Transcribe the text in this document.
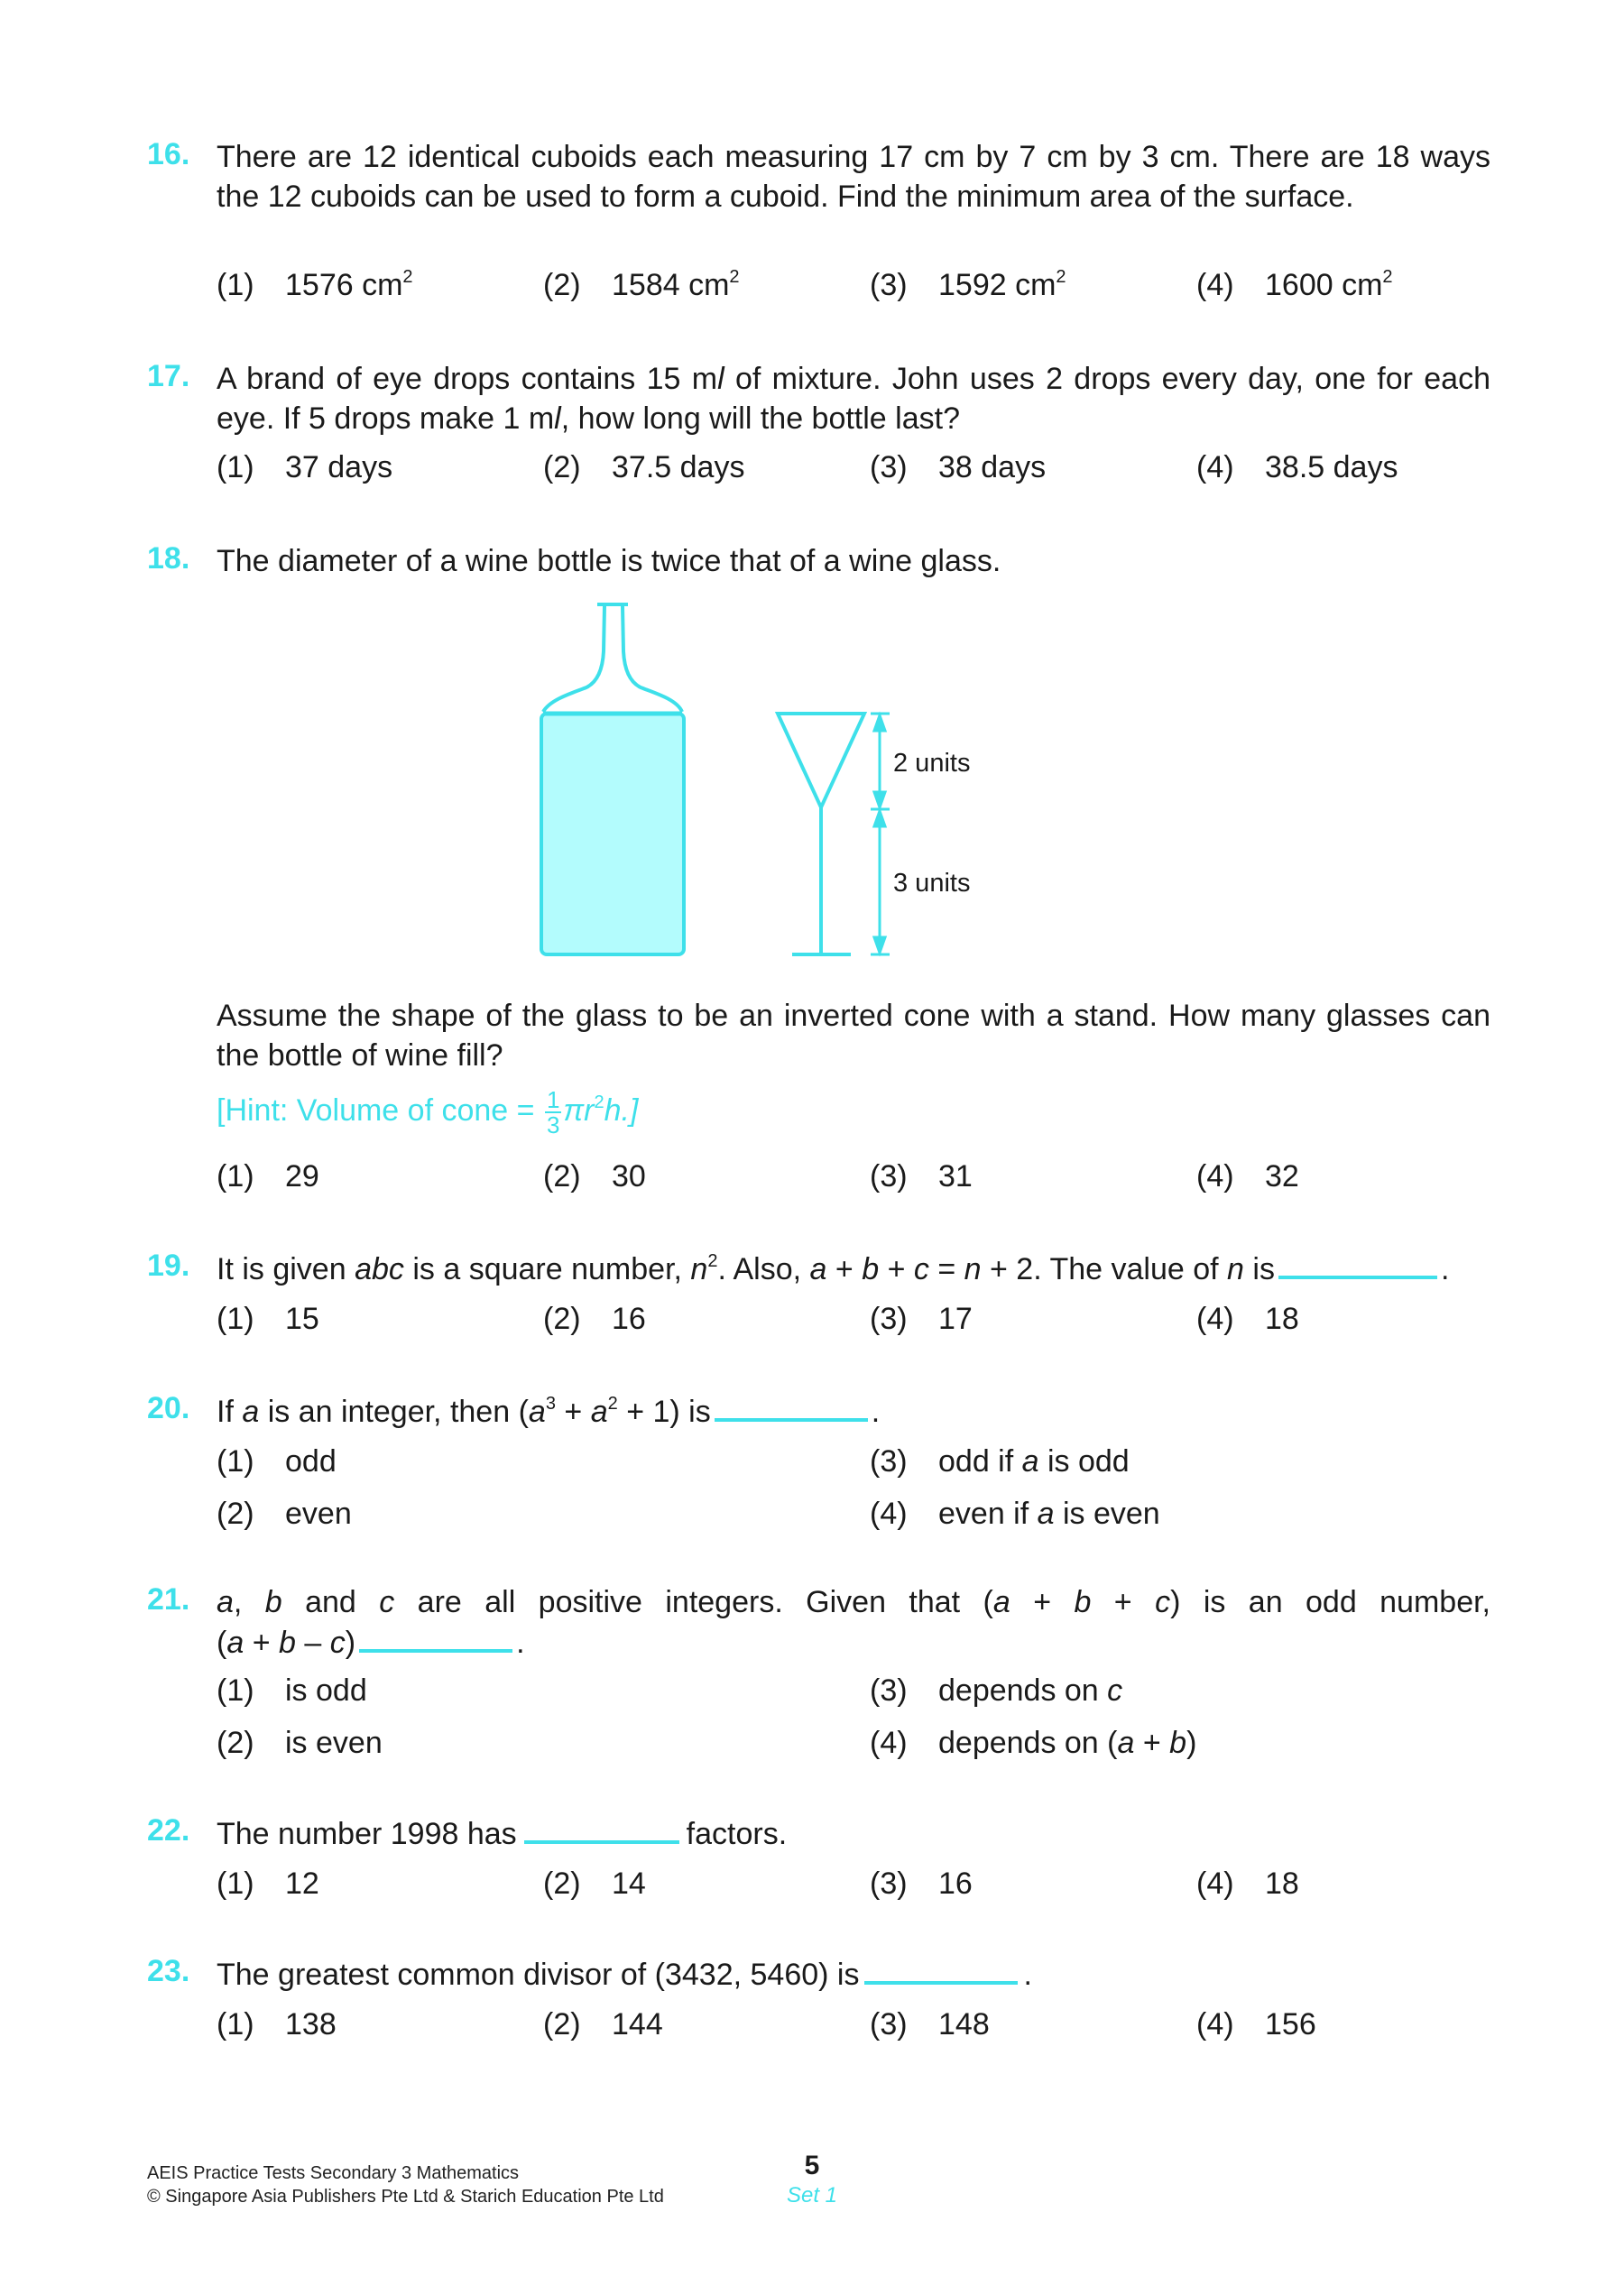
16. There are 12 identical cuboids each measuring 17 cm by 7 cm by 3 cm. There are 18 ways the 12 cuboids can be used to form a cuboid. Find the minimum area of the surface.
(1) 1576 $cm^2$	(2) 1584 $cm^2$	(3) 1592 $cm^2$	(4) 1600 $cm^2$
17. A brand of eye drops contains 15 ml of mixture. John uses 2 drops every day, one for each eye. If 5 drops make 1 ml, how long will the bottle last?
(1) 37 days	(2) 37.5 days	(3) 38 days	(4) 38.5 days
18. The diameter of a wine bottle is twice that of a wine glass.
2 units
3 units
Assume the shape of the glass to be an inverted cone with a stand. How many glasses can the bottle of wine fill?
[Hint: Volume of cone = $\frac{1}{3} \pi r^2h$.]
(1) 29	(2) 30	(3) 31	(4) 32
19. It is given abc is a square number, $n^2$. Also, a + b + c = n + 2. The value of n is	.
(1) 15	(2) 16	(3) 17	(4) 18
20. If a is an integer, then $(a^3 + a^2 + 1)$ is	.
(1) odd
(2) even
(3) odd if a is odd
(4) even if a is even
21. a, b and c are all positive integers. Given that (a + b + c) is an odd number,
(a + b – c)	.
(1) is odd
(2) is even
(3) depends on c
(4) depends on (a + b)
22. The number 1998 has	factors.
(1) 12	(2) 14	(3) 16	(4) 18
23. The greatest common divisor of (3432, 5460) is	.
(1) 138	(2) 144	(3) 148	(4) 156
AEIS Practice Tests Secondary 3 Mathematics
© Singapore Asia Publishers Pte Ltd & Starich Education Pte Ltd
5
Set 1
